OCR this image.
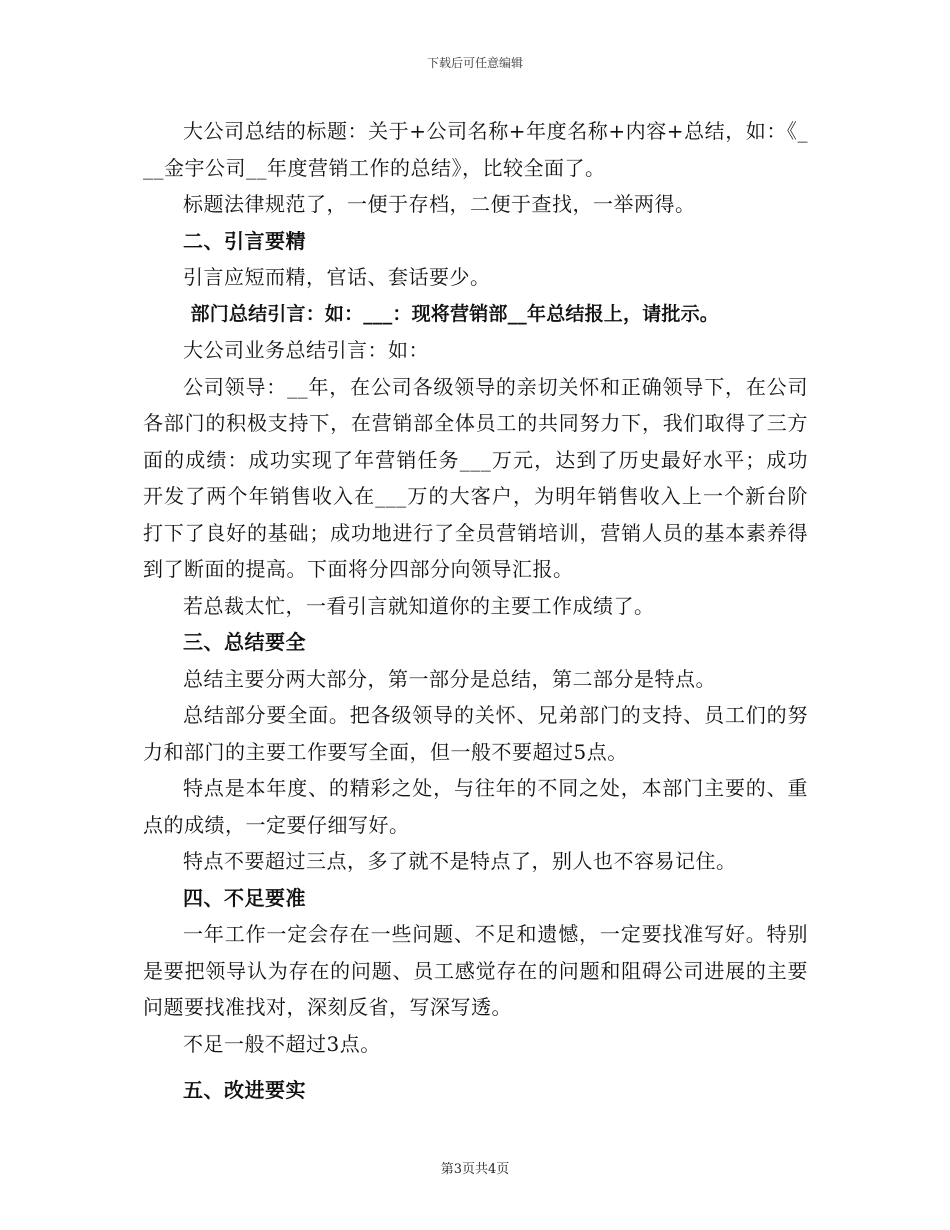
下载后可任意编辑

大公司总结的标题：关于+公司名称+年度名称+内容+总结，如：《___金宇公司__年度营销工作的总结》，比较全面了。

标题法律规范了，一便于存档，二便于查找，一举两得。

二、引言要精

引言应短而精，官话、套话要少。

部门总结引言：如：___：现将营销部__年总结报上，请批示。

大公司业务总结引言：如：

公司领导：__年，在公司各级领导的亲切关怀和正确领导下，在公司各部门的积极支持下，在营销部全体员工的共同努力下，我们取得了三方面的成绩：成功实现了年营销任务___万元，达到了历史最好水平；成功开发了两个年销售收入在___万的大客户，为明年销售收入上一个新台阶打下了良好的基础；成功地进行了全员营销培训，营销人员的基本素养得到了断面的提高。下面将分四部分向领导汇报。

若总裁太忙，一看引言就知道你的主要工作成绩了。

三、总结要全

总结主要分两大部分，第一部分是总结，第二部分是特点。

总结部分要全面。把各级领导的关怀、兄弟部门的支持、员工们的努力和部门的主要工作要写全面，但一般不要超过5点。

特点是本年度、的精彩之处，与往年的不同之处，本部门主要的、重点的成绩，一定要仔细写好。

特点不要超过三点，多了就不是特点了，别人也不容易记住。

四、不足要准

一年工作一定会存在一些问题、不足和遗憾，一定要找准写好。特别是要把领导认为存在的问题、员工感觉存在的问题和阻碍公司进展的主要问题要找准找对，深刻反省，写深写透。

不足一般不超过3点。

五、改进要实

第3页共4页
